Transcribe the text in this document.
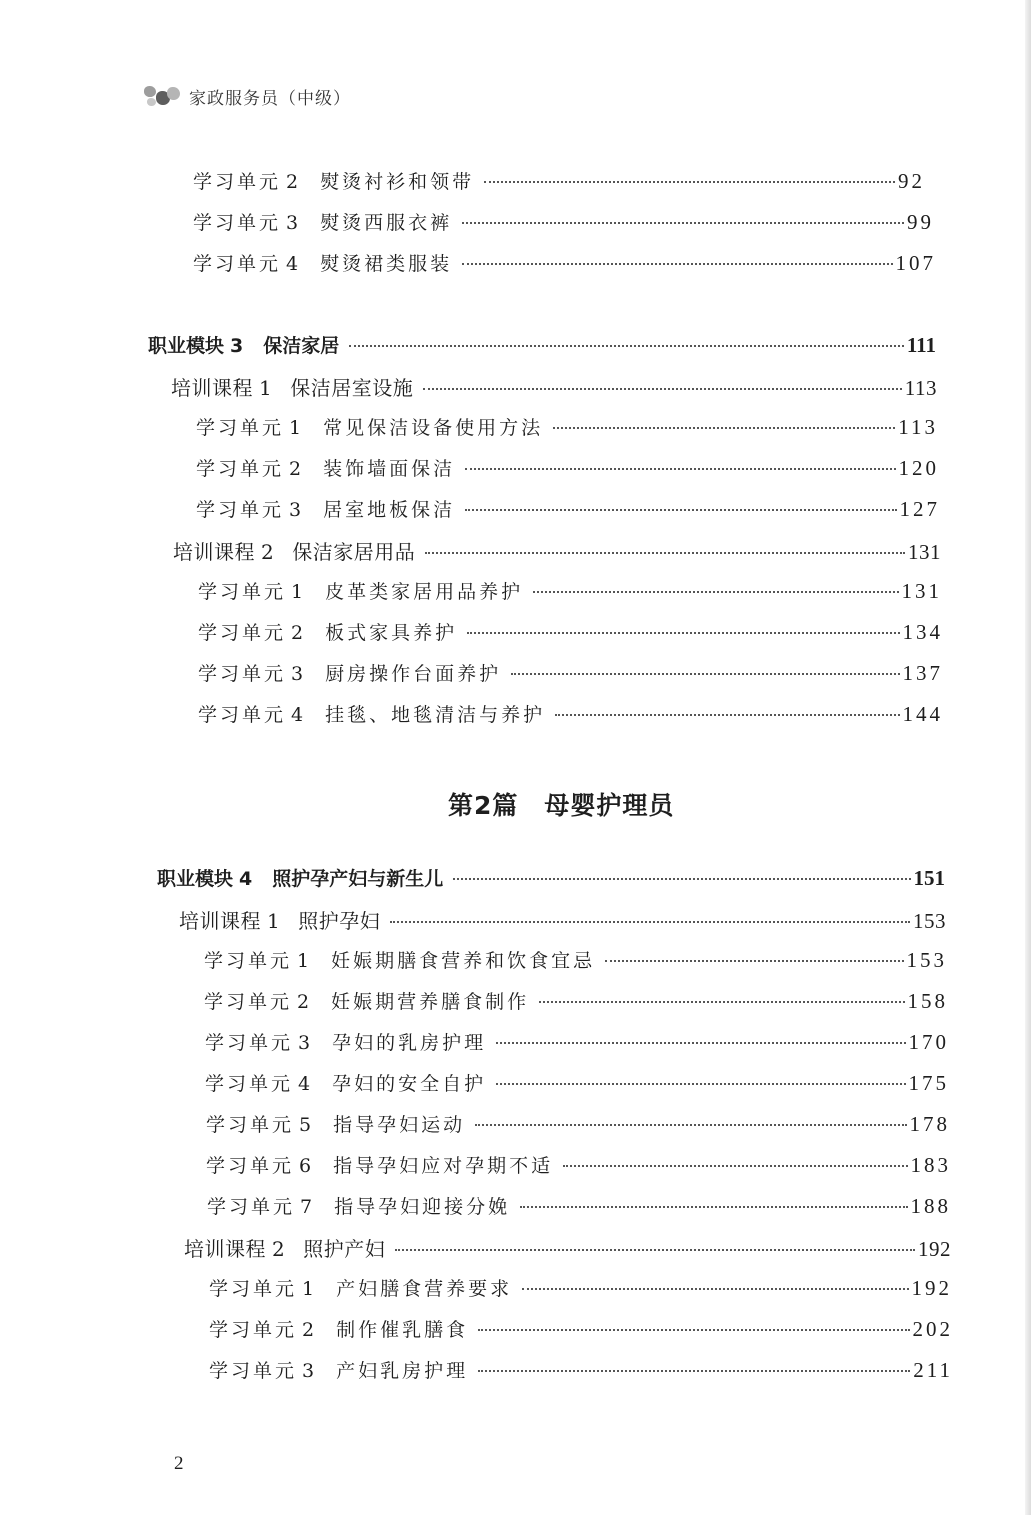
家政服务员（中级）
第2篇 母婴护理员
学习单元 2	熨烫衬衫和领带	92
学习单元 3	熨烫西服衣裤	99
学习单元 4	熨烫裙类服装	107
职业模块 3	保洁家居	111
培训课程 1 保洁居室设施	113
学习单元 1	常见保洁设备使用方法	113
学习单元 2	装饰墙面保洁	120
学习单元 3	居室地板保洁	127
培训课程 2 保洁家居用品	131
学习单元 1	皮革类家居用品养护	131
学习单元 2	板式家具养护	134
学习单元 3	厨房操作台面养护	137
学习单元 4	挂毯、地毯清洁与养护	144
职业模块 4	照护孕产妇与新生儿	151
培训课程 1 照护孕妇	153
学习单元 1	妊娠期膳食营养和饮食宜忌	153
学习单元 2	妊娠期营养膳食制作	158
学习单元 3	孕妇的乳房护理	170
学习单元 4	孕妇的安全自护	175
学习单元 5	指导孕妇运动	178
学习单元 6	指导孕妇应对孕期不适	183
学习单元 7	指导孕妇迎接分娩	188
培训课程 2 照护产妇	192
学习单元 1	产妇膳食营养要求	192
学习单元 2	制作催乳膳食	202
学习单元 3	产妇乳房护理	211
2
